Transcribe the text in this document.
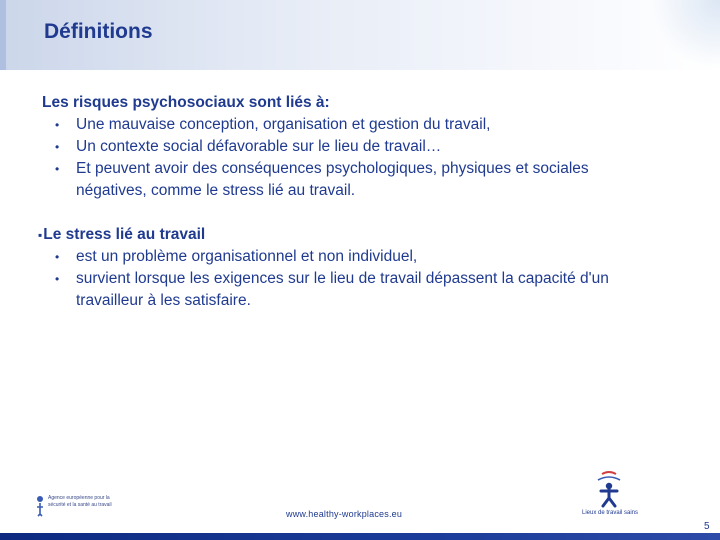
Définitions
Les risques psychosociaux sont liés à:
• Une mauvaise conception, organisation et gestion du travail,
• Un contexte social défavorable sur le lieu de travail…
• Et peuvent avoir des conséquences psychologiques, physiques et sociales négatives, comme le stress lié au travail.
▪ Le stress lié au travail
• est un problème organisationnel et non individuel,
• survient lorsque les exigences sur le lieu de travail dépassent la capacité d'un travailleur à les satisfaire.
Agence européenne pour la sécurité et la santé au travail
www.healthy-workplaces.eu	Lieux de travail sains
5
